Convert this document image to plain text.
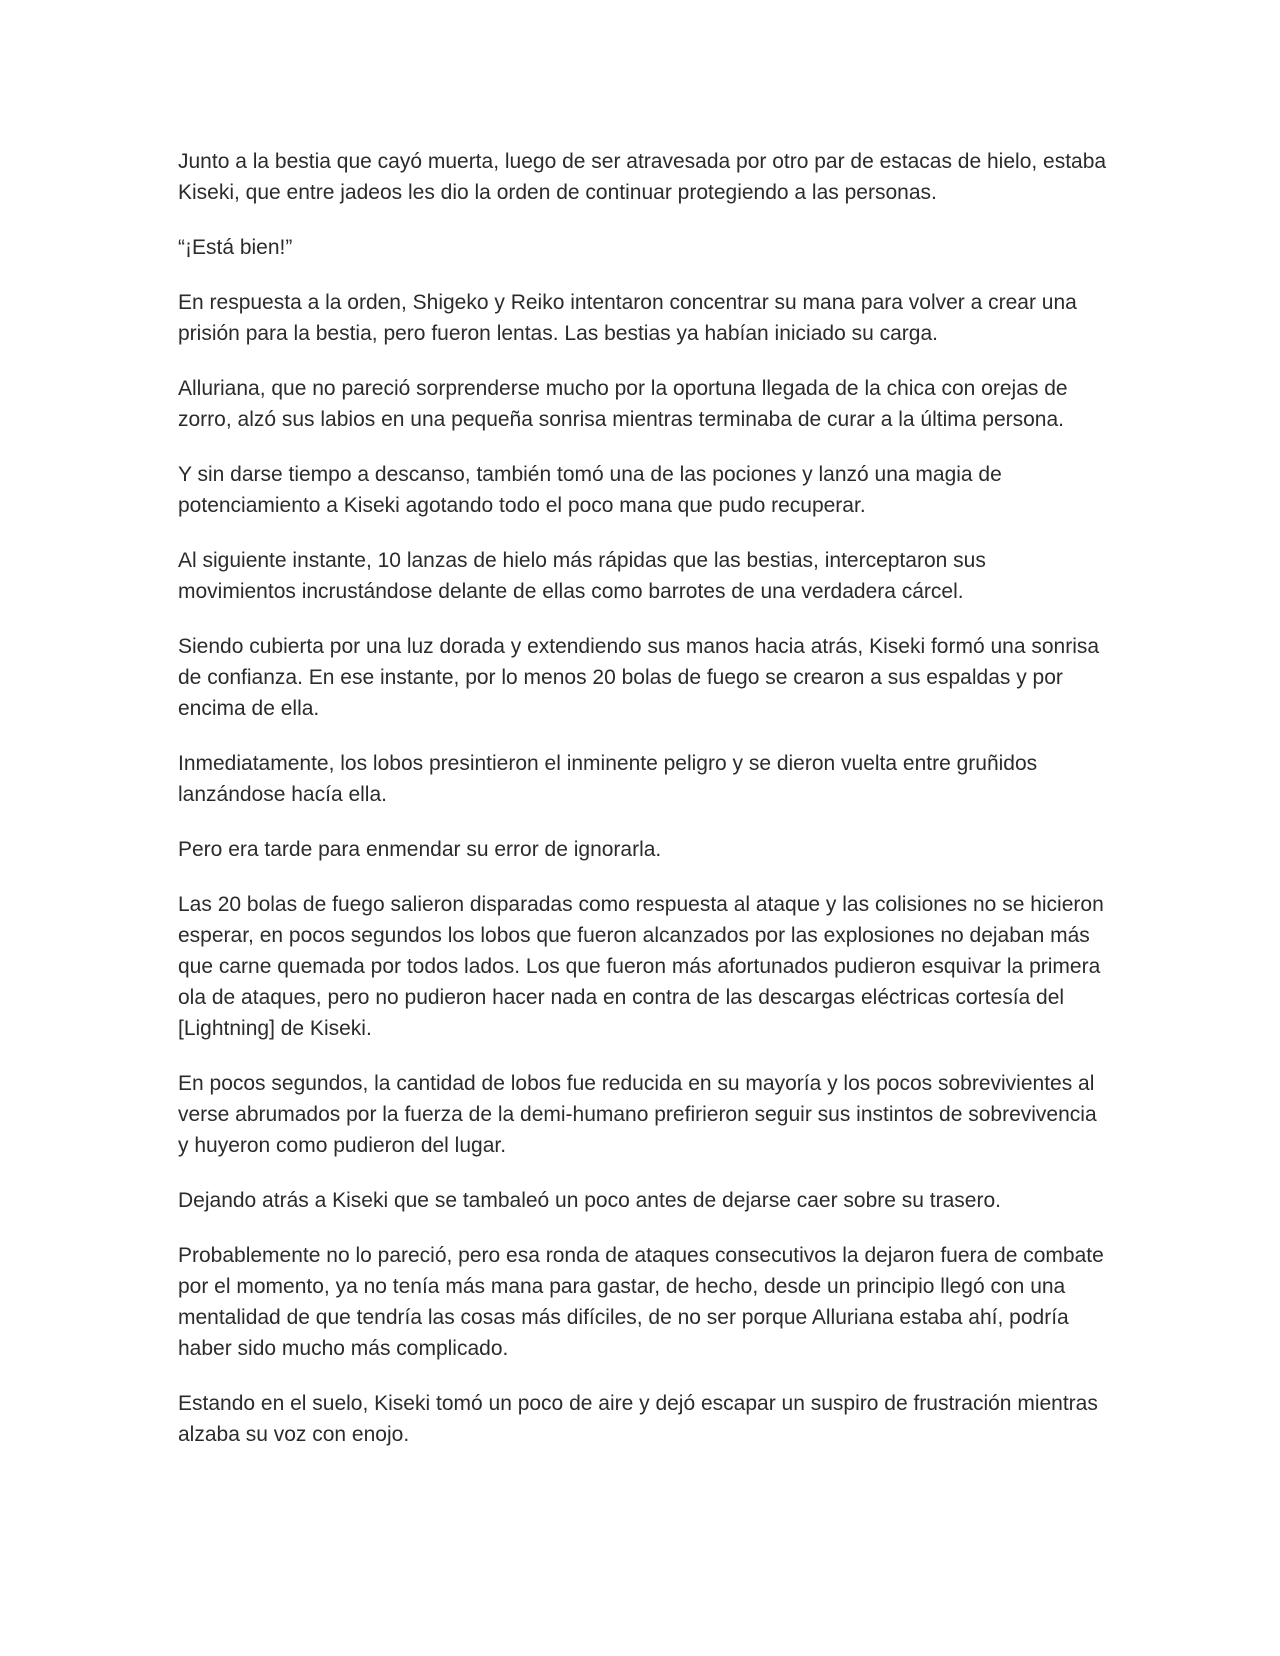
Junto a la bestia que cayó muerta, luego de ser atravesada por otro par de estacas de hielo, estaba Kiseki, que entre jadeos les dio la orden de continuar protegiendo a las personas.

“¡Está bien!”

En respuesta a la orden, Shigeko y Reiko intentaron concentrar su mana para volver a crear una prisión para la bestia, pero fueron lentas. Las bestias ya habían iniciado su carga.

Alluriana, que no pareció sorprenderse mucho por la oportuna llegada de la chica con orejas de zorro, alzó sus labios en una pequeña sonrisa mientras terminaba de curar a la última persona.

Y sin darse tiempo a descanso, también tomó una de las pociones y lanzó una magia de potenciamiento a Kiseki agotando todo el poco mana que pudo recuperar.

Al siguiente instante, 10 lanzas de hielo más rápidas que las bestias, interceptaron sus movimientos incrustándose delante de ellas como barrotes de una verdadera cárcel.

Siendo cubierta por una luz dorada y extendiendo sus manos hacia atrás, Kiseki formó una sonrisa de confianza. En ese instante, por lo menos 20 bolas de fuego se crearon a sus espaldas y por encima de ella.

Inmediatamente, los lobos presintieron el inminente peligro y se dieron vuelta entre gruñidos lanzándose hacía ella.

Pero era tarde para enmendar su error de ignorarla.

Las 20 bolas de fuego salieron disparadas como respuesta al ataque y las colisiones no se hicieron esperar, en pocos segundos los lobos que fueron alcanzados por las explosiones no dejaban más que carne quemada por todos lados. Los que fueron más afortunados pudieron esquivar la primera ola de ataques, pero no pudieron hacer nada en contra de las descargas eléctricas cortesía del [Lightning] de Kiseki.

En pocos segundos, la cantidad de lobos fue reducida en su mayoría y los pocos sobrevivientes al verse abrumados por la fuerza de la demi-humano prefirieron seguir sus instintos de sobrevivencia y huyeron como pudieron del lugar.

Dejando atrás a Kiseki que se tambaleó un poco antes de dejarse caer sobre su trasero.

Probablemente no lo pareció, pero esa ronda de ataques consecutivos la dejaron fuera de combate por el momento, ya no tenía más mana para gastar, de hecho, desde un principio llegó con una mentalidad de que tendría las cosas más difíciles, de no ser porque Alluriana estaba ahí, podría haber sido mucho más complicado.

Estando en el suelo, Kiseki tomó un poco de aire y dejó escapar un suspiro de frustración mientras alzaba su voz con enojo.
